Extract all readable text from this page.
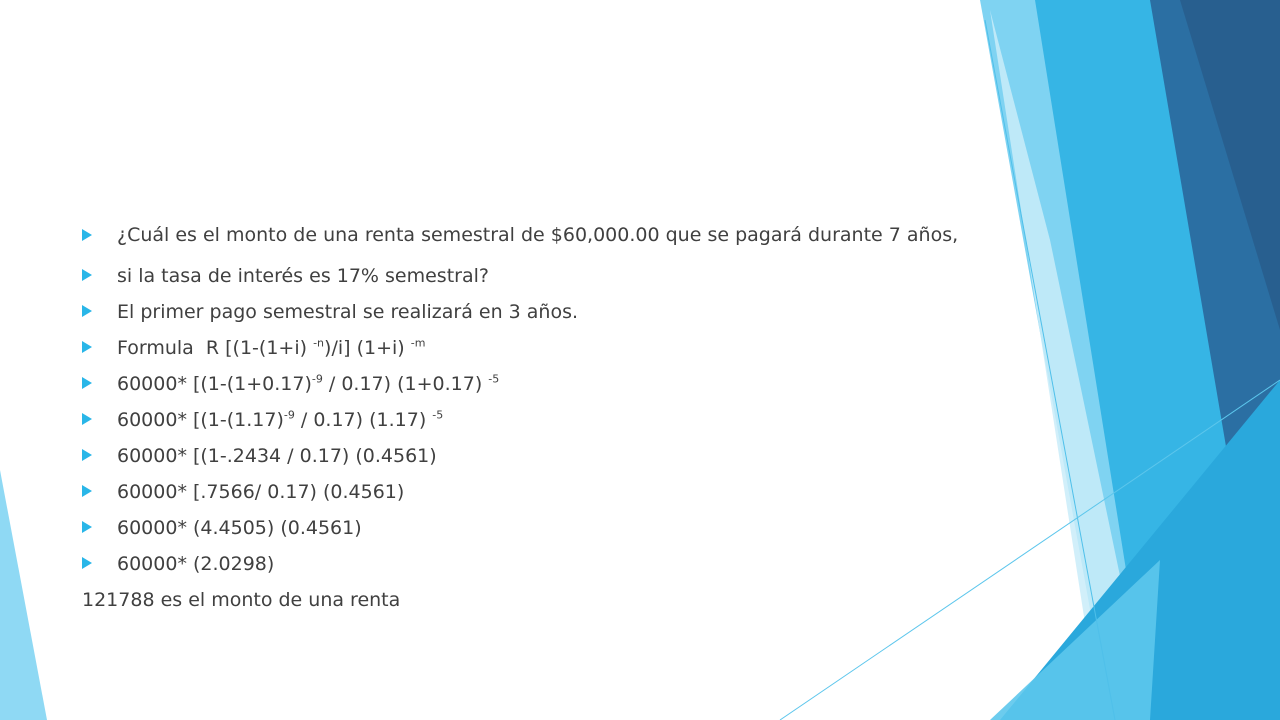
¿Cuál es el monto de una renta semestral de $60,000.00 que se pagará durante 7 años,
si la tasa de interés es 17% semestral?
El primer pago semestral se realizará en 3 años.
Formula  R [(1-(1+i) $^{-n}$)/i] (1+i) $^{-m}$
60000* [$(1-(1+0.17)^{-9} / 0.17)$ (1+0.17) $^{-5}$
60000* [$(1-(1.17)^{-9} / 0.17)$ (1.17) $^{-5}$
60000* [(1-.2434 / 0.17) (0.4561)
60000* [.7566/ 0.17) (0.4561)
60000* (4.4505) (0.4561)
60000* (2.0298)
121788 es el monto de una renta
